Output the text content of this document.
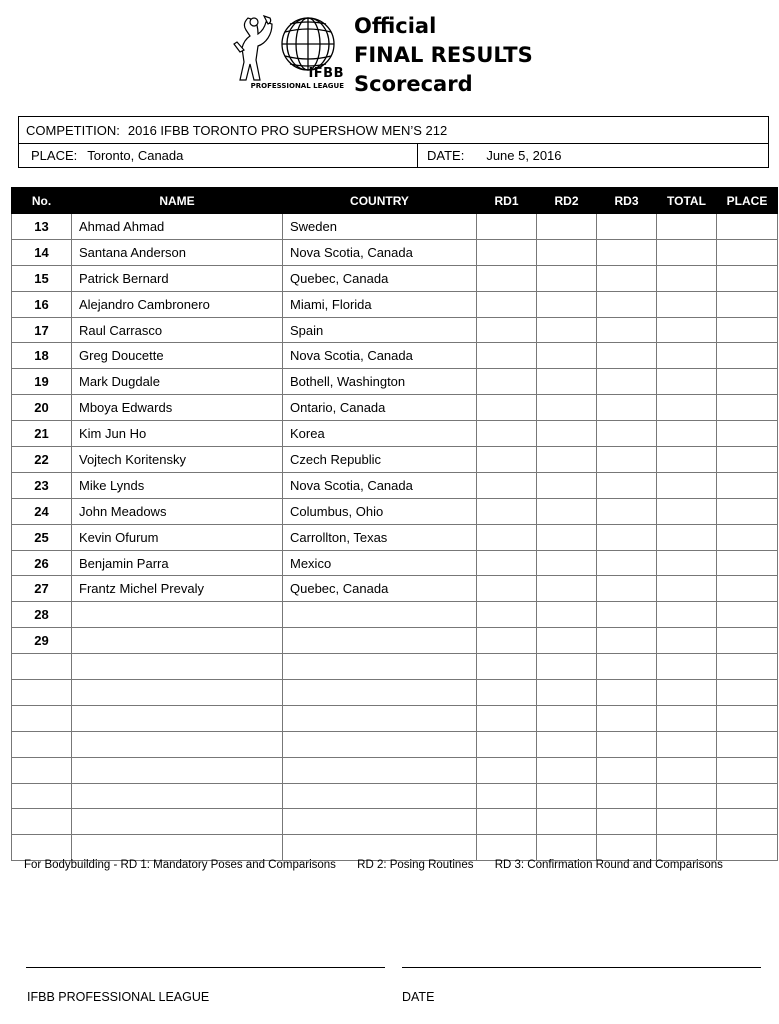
IFBB
PROFESSIONAL LEAGUE
Official
FINAL RESULTS
Scorecard
COMPETITION: 2016 IFBB TORONTO PRO SUPERSHOW MEN’S 212
PLACE: Toronto, Canada	DATE: June 5, 2016
No.	NAME	COUNTRY	RD1	RD2	RD3	TOTAL	PLACE
13	Ahmad Ahmad	Sweden					
14	Santana Anderson	Nova Scotia, Canada					
15	Patrick Bernard	Quebec, Canada					
16	Alejandro Cambronero	Miami, Florida					
17	Raul Carrasco	Spain					
18	Greg Doucette	Nova Scotia, Canada					
19	Mark Dugdale	Bothell, Washington					
20	Mboya Edwards	Ontario, Canada					
21	Kim Jun Ho	Korea					
22	Vojtech Koritensky	Czech Republic					
23	Mike Lynds	Nova Scotia, Canada					
24	John Meadows	Columbus, Ohio					
25	Kevin Ofurum	Carrollton, Texas					
26	Benjamin Parra	Mexico					
27	Frantz Michel Prevaly	Quebec, Canada					
28							
29							

For Bodybuilding - RD 1: Mandatory Poses and Comparisons RD 2: Posing Routines RD 3: Confirmation Round and Comparisons
IFBB PROFESSIONAL LEAGUE	DATE
